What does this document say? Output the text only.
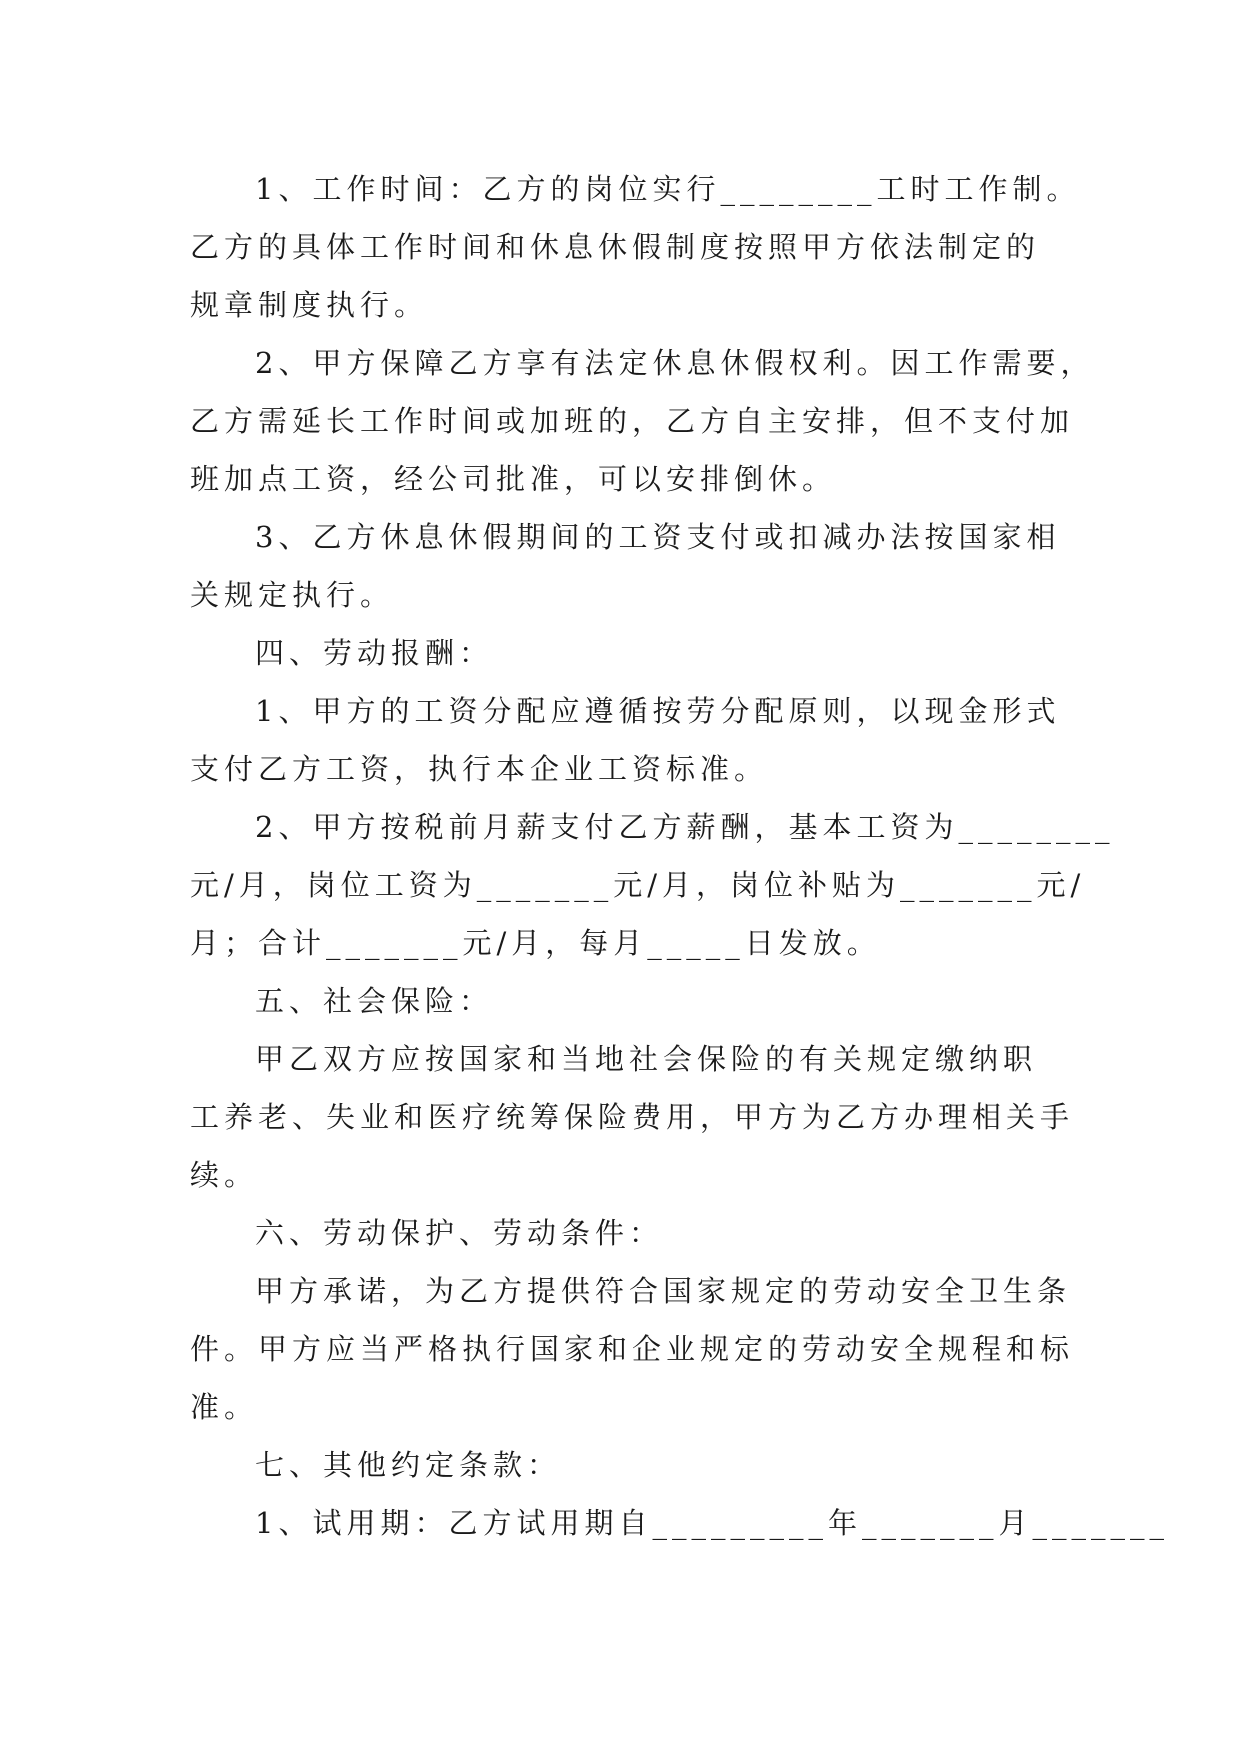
1、工作时间：乙方的岗位实行________工时工作制。
乙方的具体工作时间和休息休假制度按照甲方依法制定的
规章制度执行。
2、甲方保障乙方享有法定休息休假权利。因工作需要，
乙方需延长工作时间或加班的，乙方自主安排，但不支付加
班加点工资，经公司批准，可以安排倒休。
3、乙方休息休假期间的工资支付或扣减办法按国家相
关规定执行。
四、劳动报酬：
1、甲方的工资分配应遵循按劳分配原则，以现金形式
支付乙方工资，执行本企业工资标准。
2、甲方按税前月薪支付乙方薪酬，基本工资为________
元/月，岗位工资为_______元/月，岗位补贴为_______元/
月；合计_______元/月，每月_____日发放。
五、社会保险：
甲乙双方应按国家和当地社会保险的有关规定缴纳职
工养老、失业和医疗统筹保险费用，甲方为乙方办理相关手
续。
六、劳动保护、劳动条件：
甲方承诺，为乙方提供符合国家规定的劳动安全卫生条
件。甲方应当严格执行国家和企业规定的劳动安全规程和标
准。
七、其他约定条款：
1、试用期：乙方试用期自_________年_______月_______
